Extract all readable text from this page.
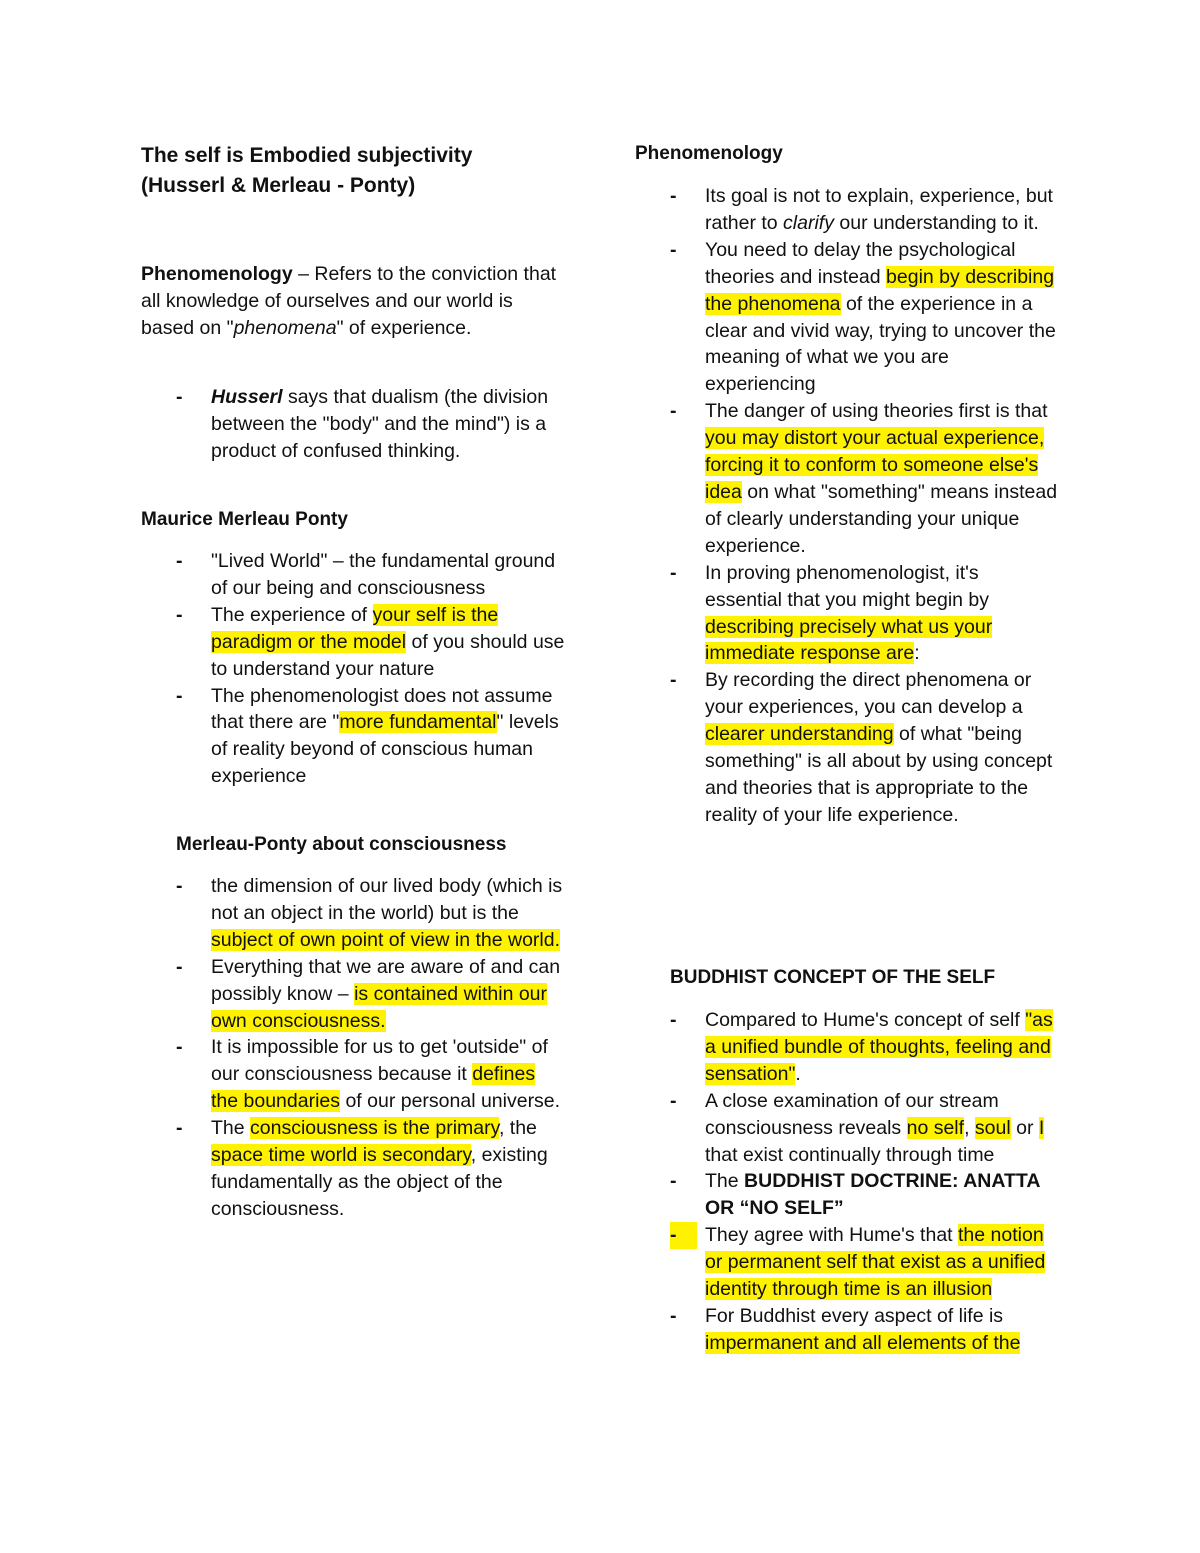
The self is Embodied subjectivity
(Husserl & Merleau - Ponty)
Phenomenology – Refers to the conviction that all knowledge of ourselves and our world is based on "phenomena" of experience.
- Husserl says that dualism (the division between the "body" and the mind") is a product of confused thinking.
Maurice Merleau Ponty
- "Lived World" – the fundamental ground of our being and consciousness
- The experience of your self is the paradigm or the model of you should use to understand your nature
- The phenomenologist does not assume that there are "more fundamental" levels of reality beyond of conscious human experience
Merleau-Ponty about consciousness
- the dimension of our lived body (which is not an object in the world) but is the subject of own point of view in the world.
- Everything that we are aware of and can possibly know – is contained within our own consciousness.
- It is impossible for us to get 'outside" of our consciousness because it defines the boundaries of our personal universe.
- The consciousness is the primary, the space time world is secondary, existing fundamentally as the object of the consciousness.
Phenomenology
- Its goal is not to explain, experience, but rather to clarify our understanding to it.
- You need to delay the psychological theories and instead begin by describing the phenomena of the experience in a clear and vivid way, trying to uncover the meaning of what we you are experiencing
- The danger of using theories first is that you may distort your actual experience, forcing it to conform to someone else's idea on what "something" means instead of clearly understanding your unique experience.
- In proving phenomenologist, it's essential that you might begin by describing precisely what us your immediate response are:
- By recording the direct phenomena or your experiences, you can develop a clearer understanding of what "being something" is all about by using concept and theories that is appropriate to the reality of your life experience.
BUDDHIST CONCEPT OF THE SELF
- Compared to Hume's concept of self "as a unified bundle of thoughts, feeling and sensation".
- A close examination of our stream consciousness reveals no self, soul or I that exist continually through time
- The BUDDHIST DOCTRINE: ANATTA OR “NO SELF”
-	They agree with Hume's that the notion or permanent self that exist as a unified identity through time is an illusion
- For Buddhist every aspect of life is impermanent and all elements of the
